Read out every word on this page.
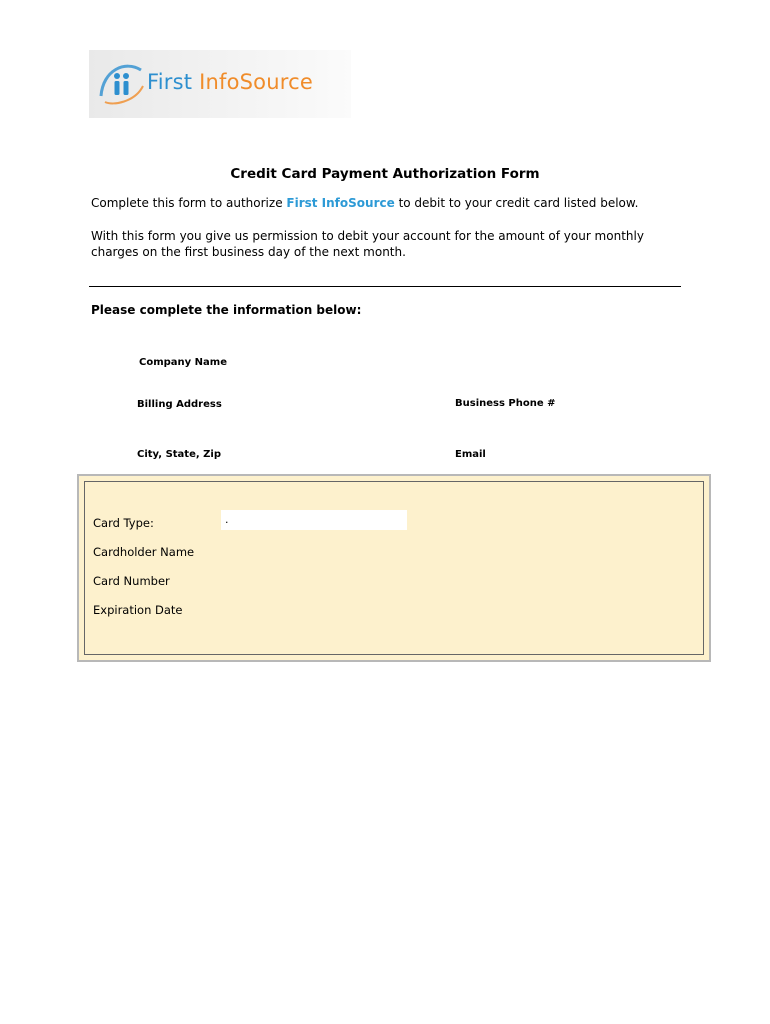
First InfoSource
Credit Card Payment Authorization Form
Complete this form to authorize First InfoSource to debit to your credit card listed below.
With this form you give us permission to debit your account for the amount of your monthly charges on the first business day of the next month.
Please complete the information below:
Company Name
Billing Address	Business Phone #
City, State, Zip	Email
Card Type:	.
Cardholder Name
Card Number
Expiration Date
